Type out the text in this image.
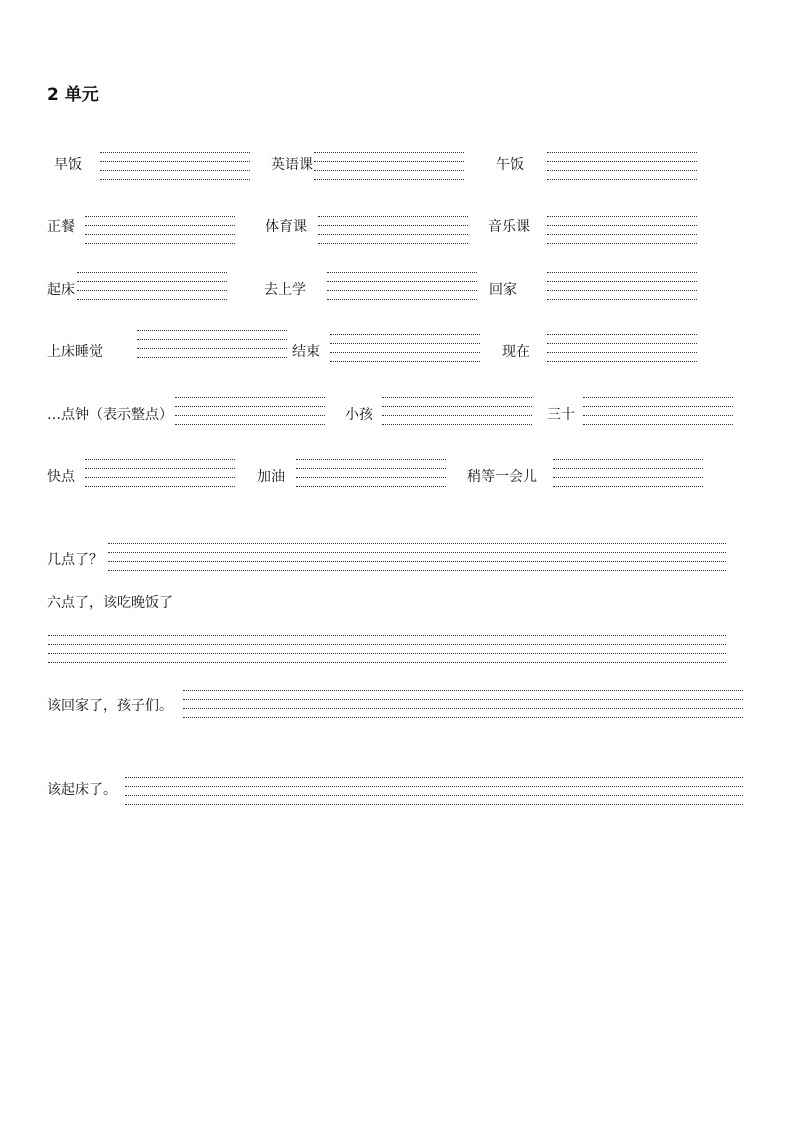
2 单元
早饭	英语课	午饭
正餐	体育课	音乐课
起床	去上学	回家
上床睡觉	结束	现在
…点钟（表示整点）	小孩	三十
快点	加油	稍等一会儿
几点了？
六点了，该吃晚饭了
该回家了，孩子们。
该起床了。
